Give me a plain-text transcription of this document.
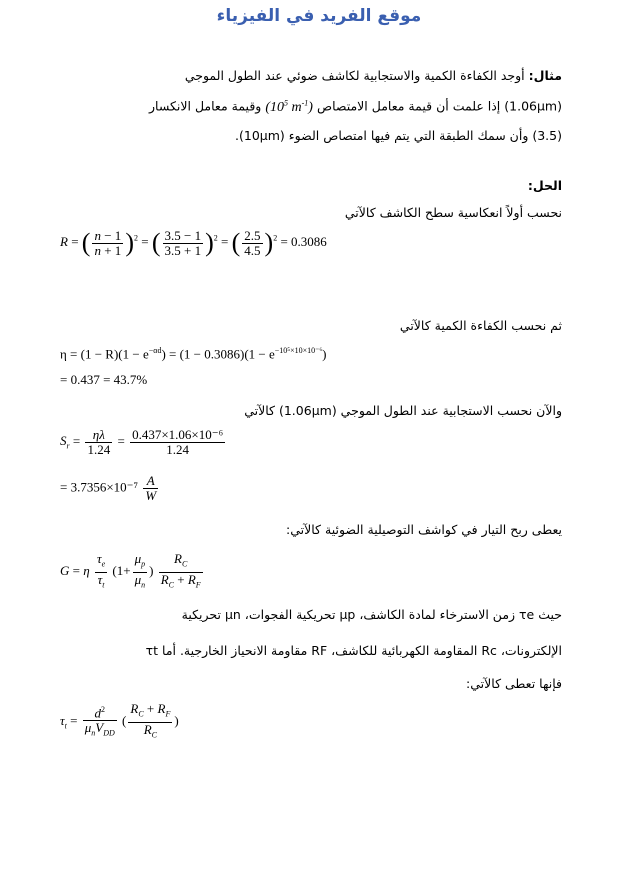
موقع الفريد في الفيزياء
مثال: أوجد الكفاءة الكمية والاستجابية لكاشف ضوئي عند الطول الموجي
(1.06μm) إذا علمت أن قيمة معامل الامتصاص ($10^5$ $m^{-1}$) وقيمة معامل الانكسار
(3.5) وأن سمك الطبقة التي يتم فيها امتصاص الضوء (10μm).
الحل:
نحسب أولاً انعكاسية سطح الكاشف كالآتي
R = ( $\frac{n - 1}{n + 1} )^2$ = ( $\frac{3.5 - 1}{3.5 + 1} )^2$ = ( $\frac{2.5}{4.5} )^2 = 0.3086$
ثم نحسب الكفاءة الكمية كالآتي
$\eta = (1 - R)(1 - e^{-\alpha d}) = (1 - 0.3086)(1 - e^{-10^5\times 10\times 10^{-6}})$
= 0.437 = 43.7%
والآن نحسب الاستجابية عند الطول الموجي (1.06μm) كالآتي
$S_r = \frac{\eta\lambda}{1.24} = \frac{\text{0.437×1.06×10⁻⁶}}{1.24}$
= $3.7356\times 10^{-7} \frac{A}{W}$
يعطى ربح التيار في كواشف التوصيلية الضوئية كالآتي:
G = η $\frac{\tau_e}{\tau_t} (1+ \frac{\mu_p}{\mu_n}$ ) $\frac{R_C}{R_C + R_F}$
حيث τe زمن الاسترخاء لمادة الكاشف، μp تحريكية الفجوات، μn تحريكية
الإلكترونات، Rc المقاومة الكهربائية للكاشف، RF مقاومة الانحياز الخارجية. أما τt
فإنها تعطى كالآتي:
$\tau_t = \frac{d^2}{\mu_nV_{DD}}$ ( $\frac{R_C + R_F}{R_C}$ )
